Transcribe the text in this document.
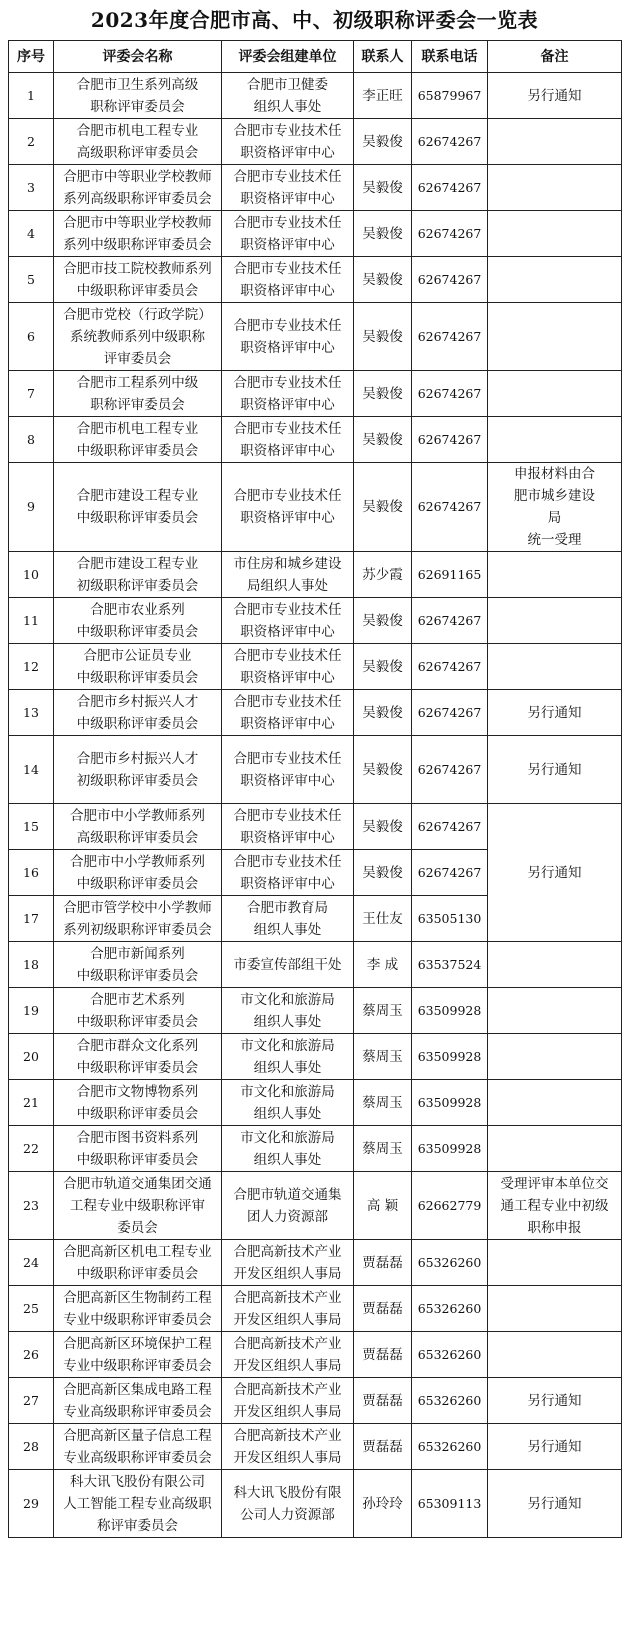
2023年度合肥市高、中、初级职称评委会一览表
序号	评委会名称	评委会组建单位	联系人	联系电话	备注

1	合肥市卫生系列高级
职称评审委员会	合肥市卫健委
组织人事处	李正旺	65879967	另行通知

2	合肥市机电工程专业
高级职称评审委员会	合肥市专业技术任
职资格评审中心	吴毅俊	62674267	

3	合肥市中等职业学校教师
系列高级职称评审委员会	合肥市专业技术任
职资格评审中心	吴毅俊	62674267	

4	合肥市中等职业学校教师
系列中级职称评审委员会	合肥市专业技术任
职资格评审中心	吴毅俊	62674267	

5	合肥市技工院校教师系列
中级职称评审委员会	合肥市专业技术任
职资格评审中心	吴毅俊	62674267	

6	合肥市党校（行政学院）
系统教师系列中级职称
评审委员会	合肥市专业技术任
职资格评审中心	吴毅俊	62674267	

7	合肥市工程系列中级
职称评审委员会	合肥市专业技术任
职资格评审中心	吴毅俊	62674267	

8	合肥市机电工程专业
中级职称评审委员会	合肥市专业技术任
职资格评审中心	吴毅俊	62674267	

9	合肥市建设工程专业
中级职称评审委员会	合肥市专业技术任
职资格评审中心	吴毅俊	62674267	申报材料由合
肥市城乡建设
局
统一受理

10	合肥市建设工程专业
初级职称评审委员会	市住房和城乡建设
局组织人事处	苏少霞	62691165	

11	合肥市农业系列
中级职称评审委员会	合肥市专业技术任
职资格评审中心	吴毅俊	62674267	

12	合肥市公证员专业
中级职称评审委员会	合肥市专业技术任
职资格评审中心	吴毅俊	62674267	

13	合肥市乡村振兴人才
中级职称评审委员会	合肥市专业技术任
职资格评审中心	吴毅俊	62674267	另行通知

14	合肥市乡村振兴人才
初级职称评审委员会	合肥市专业技术任
职资格评审中心	吴毅俊	62674267	另行通知

15	合肥市中小学教师系列
高级职称评审委员会	合肥市专业技术任
职资格评审中心	吴毅俊	62674267	另行通知

16	合肥市中小学教师系列
中级职称评审委员会	合肥市专业技术任
职资格评审中心	吴毅俊	62674267	

17	合肥市管学校中小学教师
系列初级职称评审委员会	合肥市教育局
组织人事处	王仕友	63505130	

18	合肥市新闻系列
中级职称评审委员会	市委宣传部组干处	李 成	63537524	

19	合肥市艺术系列
中级职称评审委员会	市文化和旅游局
组织人事处	蔡周玉	63509928	

20	合肥市群众文化系列
中级职称评审委员会	市文化和旅游局
组织人事处	蔡周玉	63509928	

21	合肥市文物博物系列
中级职称评审委员会	市文化和旅游局
组织人事处	蔡周玉	63509928	

22	合肥市图书资料系列
中级职称评审委员会	市文化和旅游局
组织人事处	蔡周玉	63509928	

23	合肥市轨道交通集团交通
工程专业中级职称评审
委员会	合肥市轨道交通集
团人力资源部	高 颖	62662779	受理评审本单位交
通工程专业中初级
职称申报

24	合肥高新区机电工程专业
中级职称评审委员会	合肥高新技术产业
开发区组织人事局	贾磊磊	65326260	

25	合肥高新区生物制药工程
专业中级职称评审委员会	合肥高新技术产业
开发区组织人事局	贾磊磊	65326260	

26	合肥高新区环境保护工程
专业中级职称评审委员会	合肥高新技术产业
开发区组织人事局	贾磊磊	65326260	

27	合肥高新区集成电路工程
专业高级职称评审委员会	合肥高新技术产业
开发区组织人事局	贾磊磊	65326260	另行通知

28	合肥高新区量子信息工程
专业高级职称评审委员会	合肥高新技术产业
开发区组织人事局	贾磊磊	65326260	另行通知

29	科大讯飞股份有限公司
人工智能工程专业高级职
称评审委员会	科大讯飞股份有限
公司人力资源部	孙玲玲	65309113	另行通知
